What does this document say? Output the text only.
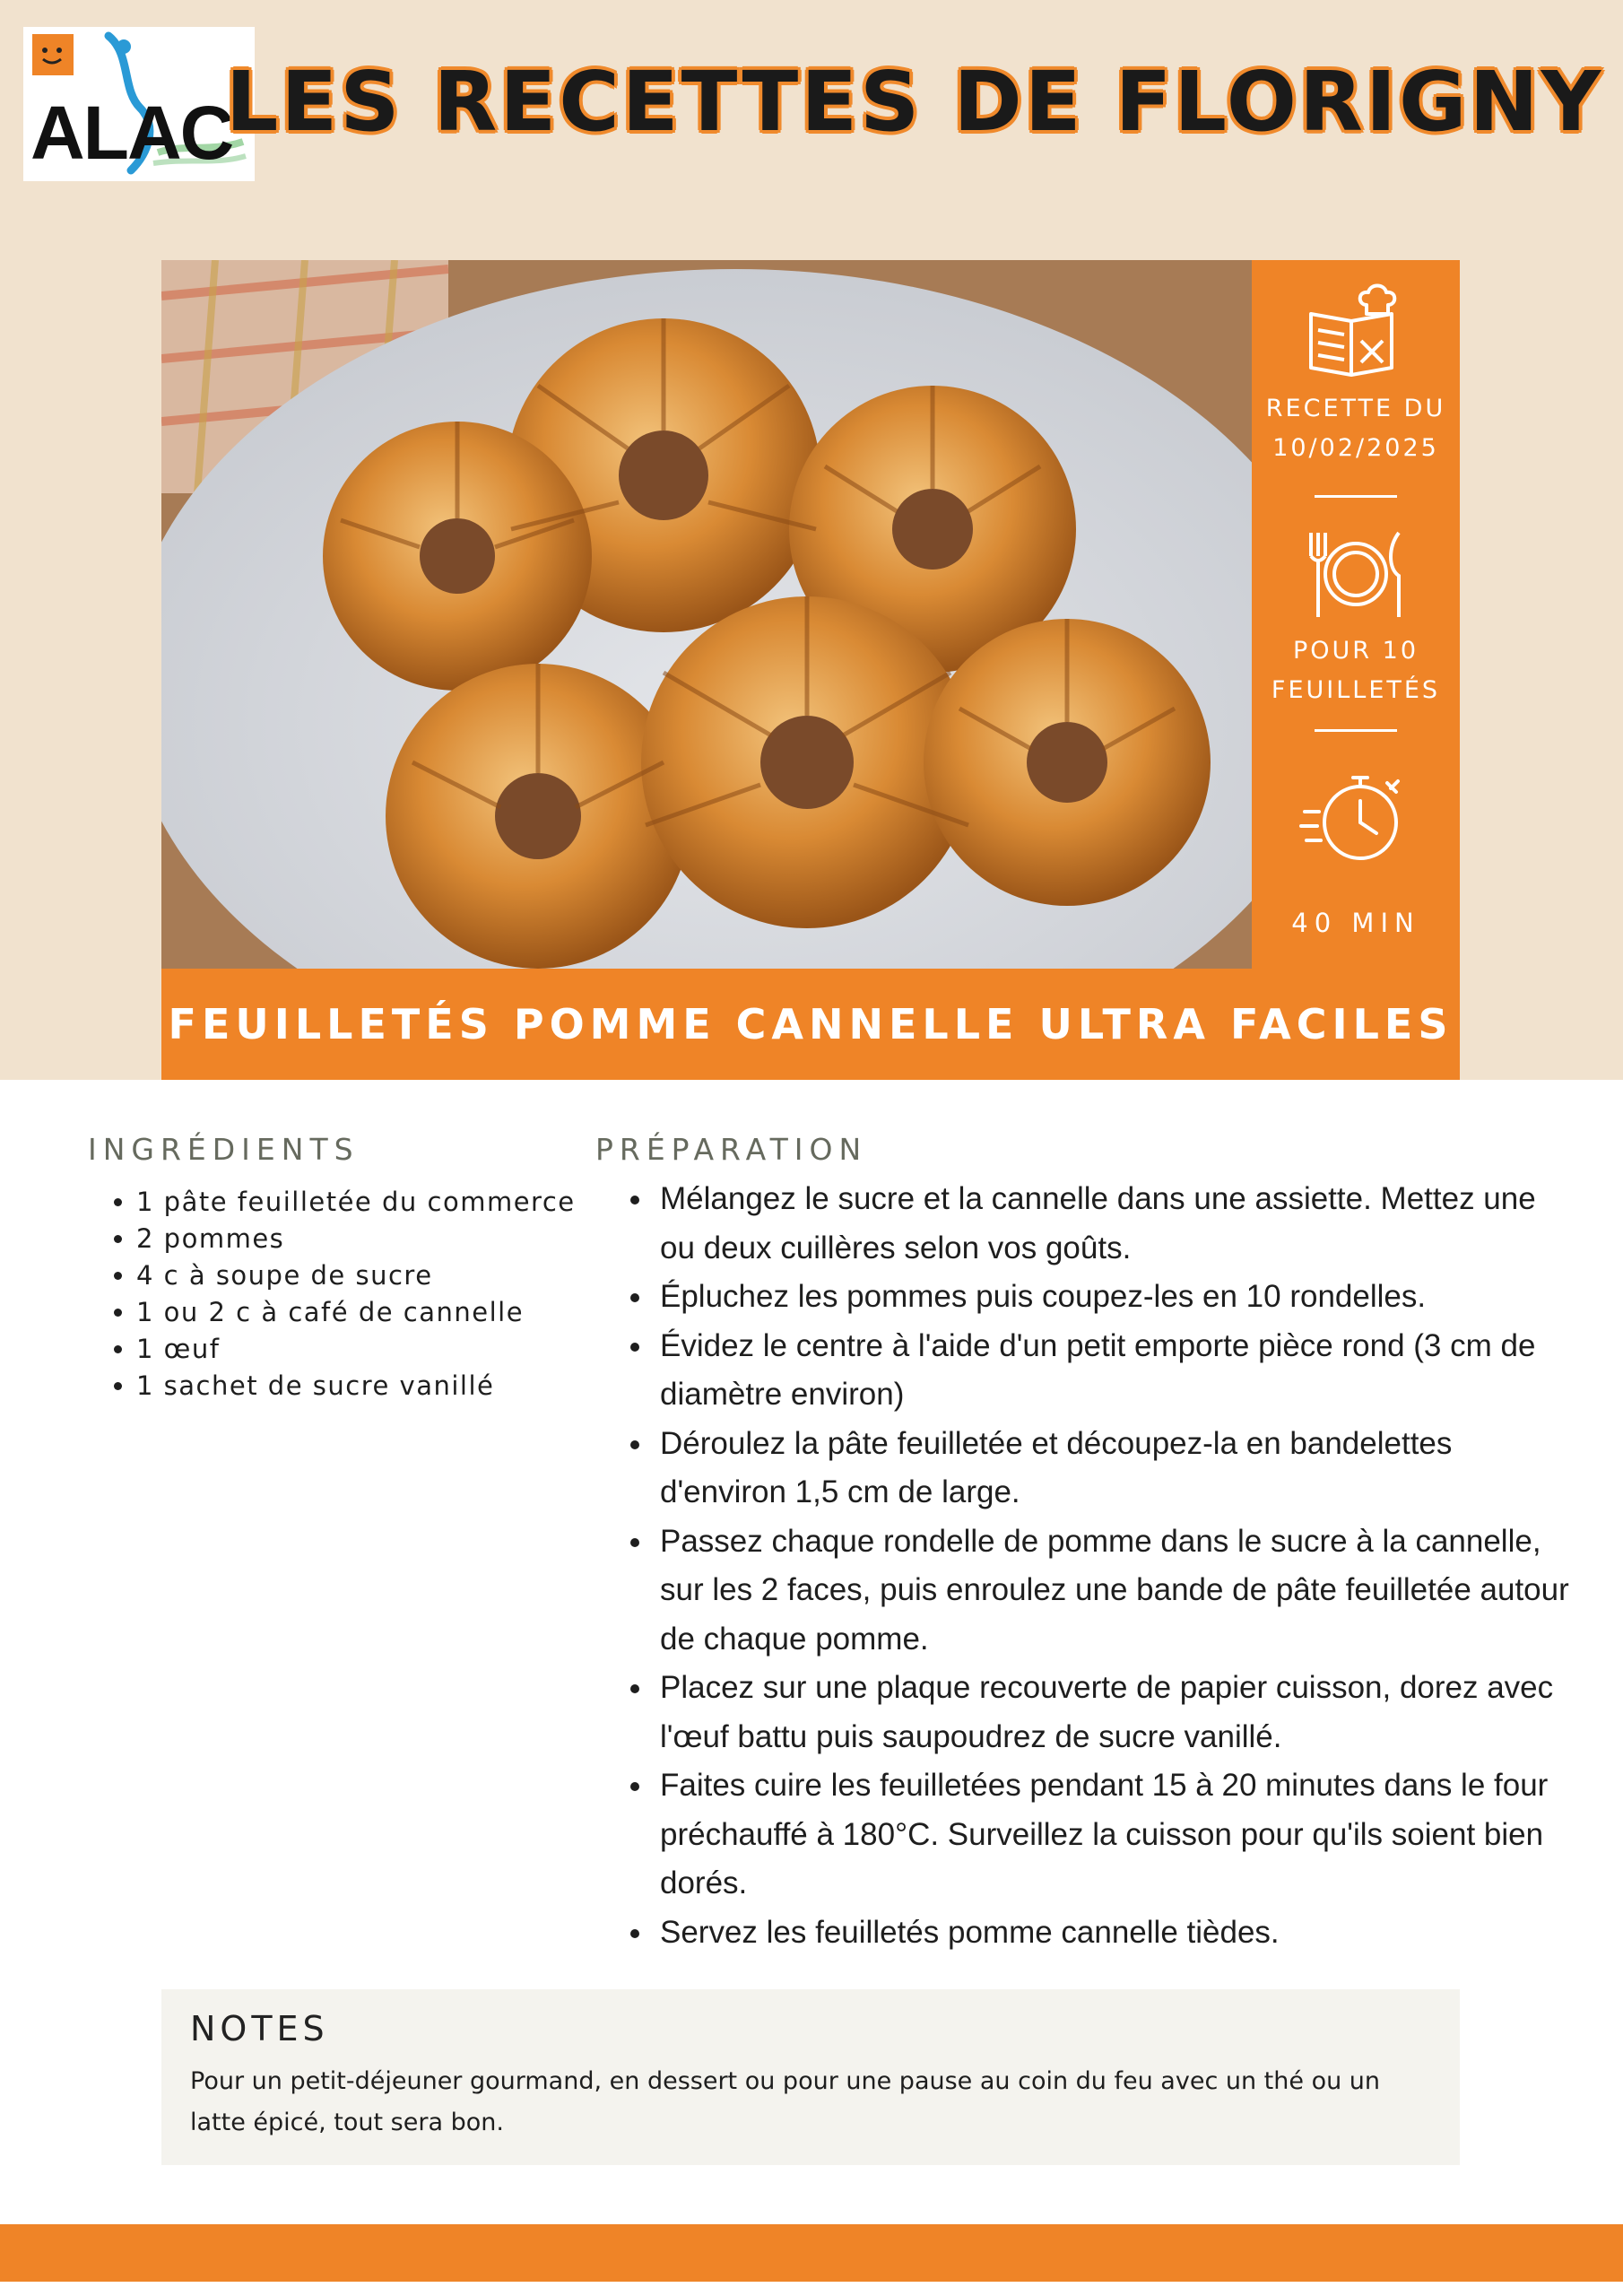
ALAC
LES RECETTES DE FLORIGNY
RECETTE DU
10/02/2025
POUR 10
FEUILLETÉS
40 MIN
FEUILLETÉS POMME CANNELLE ULTRA FACILES
INGRÉDIENTS
• 1 pâte feuilletée du commerce
• 2 pommes
• 4 c à soupe de sucre
• 1 ou 2 c à café de cannelle
• 1 œuf
• 1 sachet de sucre vanillé
PRÉPARATION
• Mélangez le sucre et la cannelle dans une assiette. Mettez une ou deux cuillères selon vos goûts.
• Épluchez les pommes puis coupez-les en 10 rondelles.
• Évidez le centre à l'aide d'un petit emporte pièce rond (3 cm de diamètre environ)
• Déroulez la pâte feuilletée et découpez-la en bandelettes d'environ 1,5 cm de large.
• Passez chaque rondelle de pomme dans le sucre à la cannelle, sur les 2 faces, puis enroulez une bande de pâte feuilletée autour de chaque pomme.
• Placez sur une plaque recouverte de papier cuisson, dorez avec l'œuf battu puis saupoudrez de sucre vanillé.
• Faites cuire les feuilletées pendant 15 à 20 minutes dans le four préchauffé à 180°C. Surveillez la cuisson pour qu'ils soient bien dorés.
• Servez les feuilletés pomme cannelle tièdes.
NOTES
Pour un petit-déjeuner gourmand, en dessert ou pour une pause au coin du feu avec un thé ou un latte épicé, tout sera bon.
